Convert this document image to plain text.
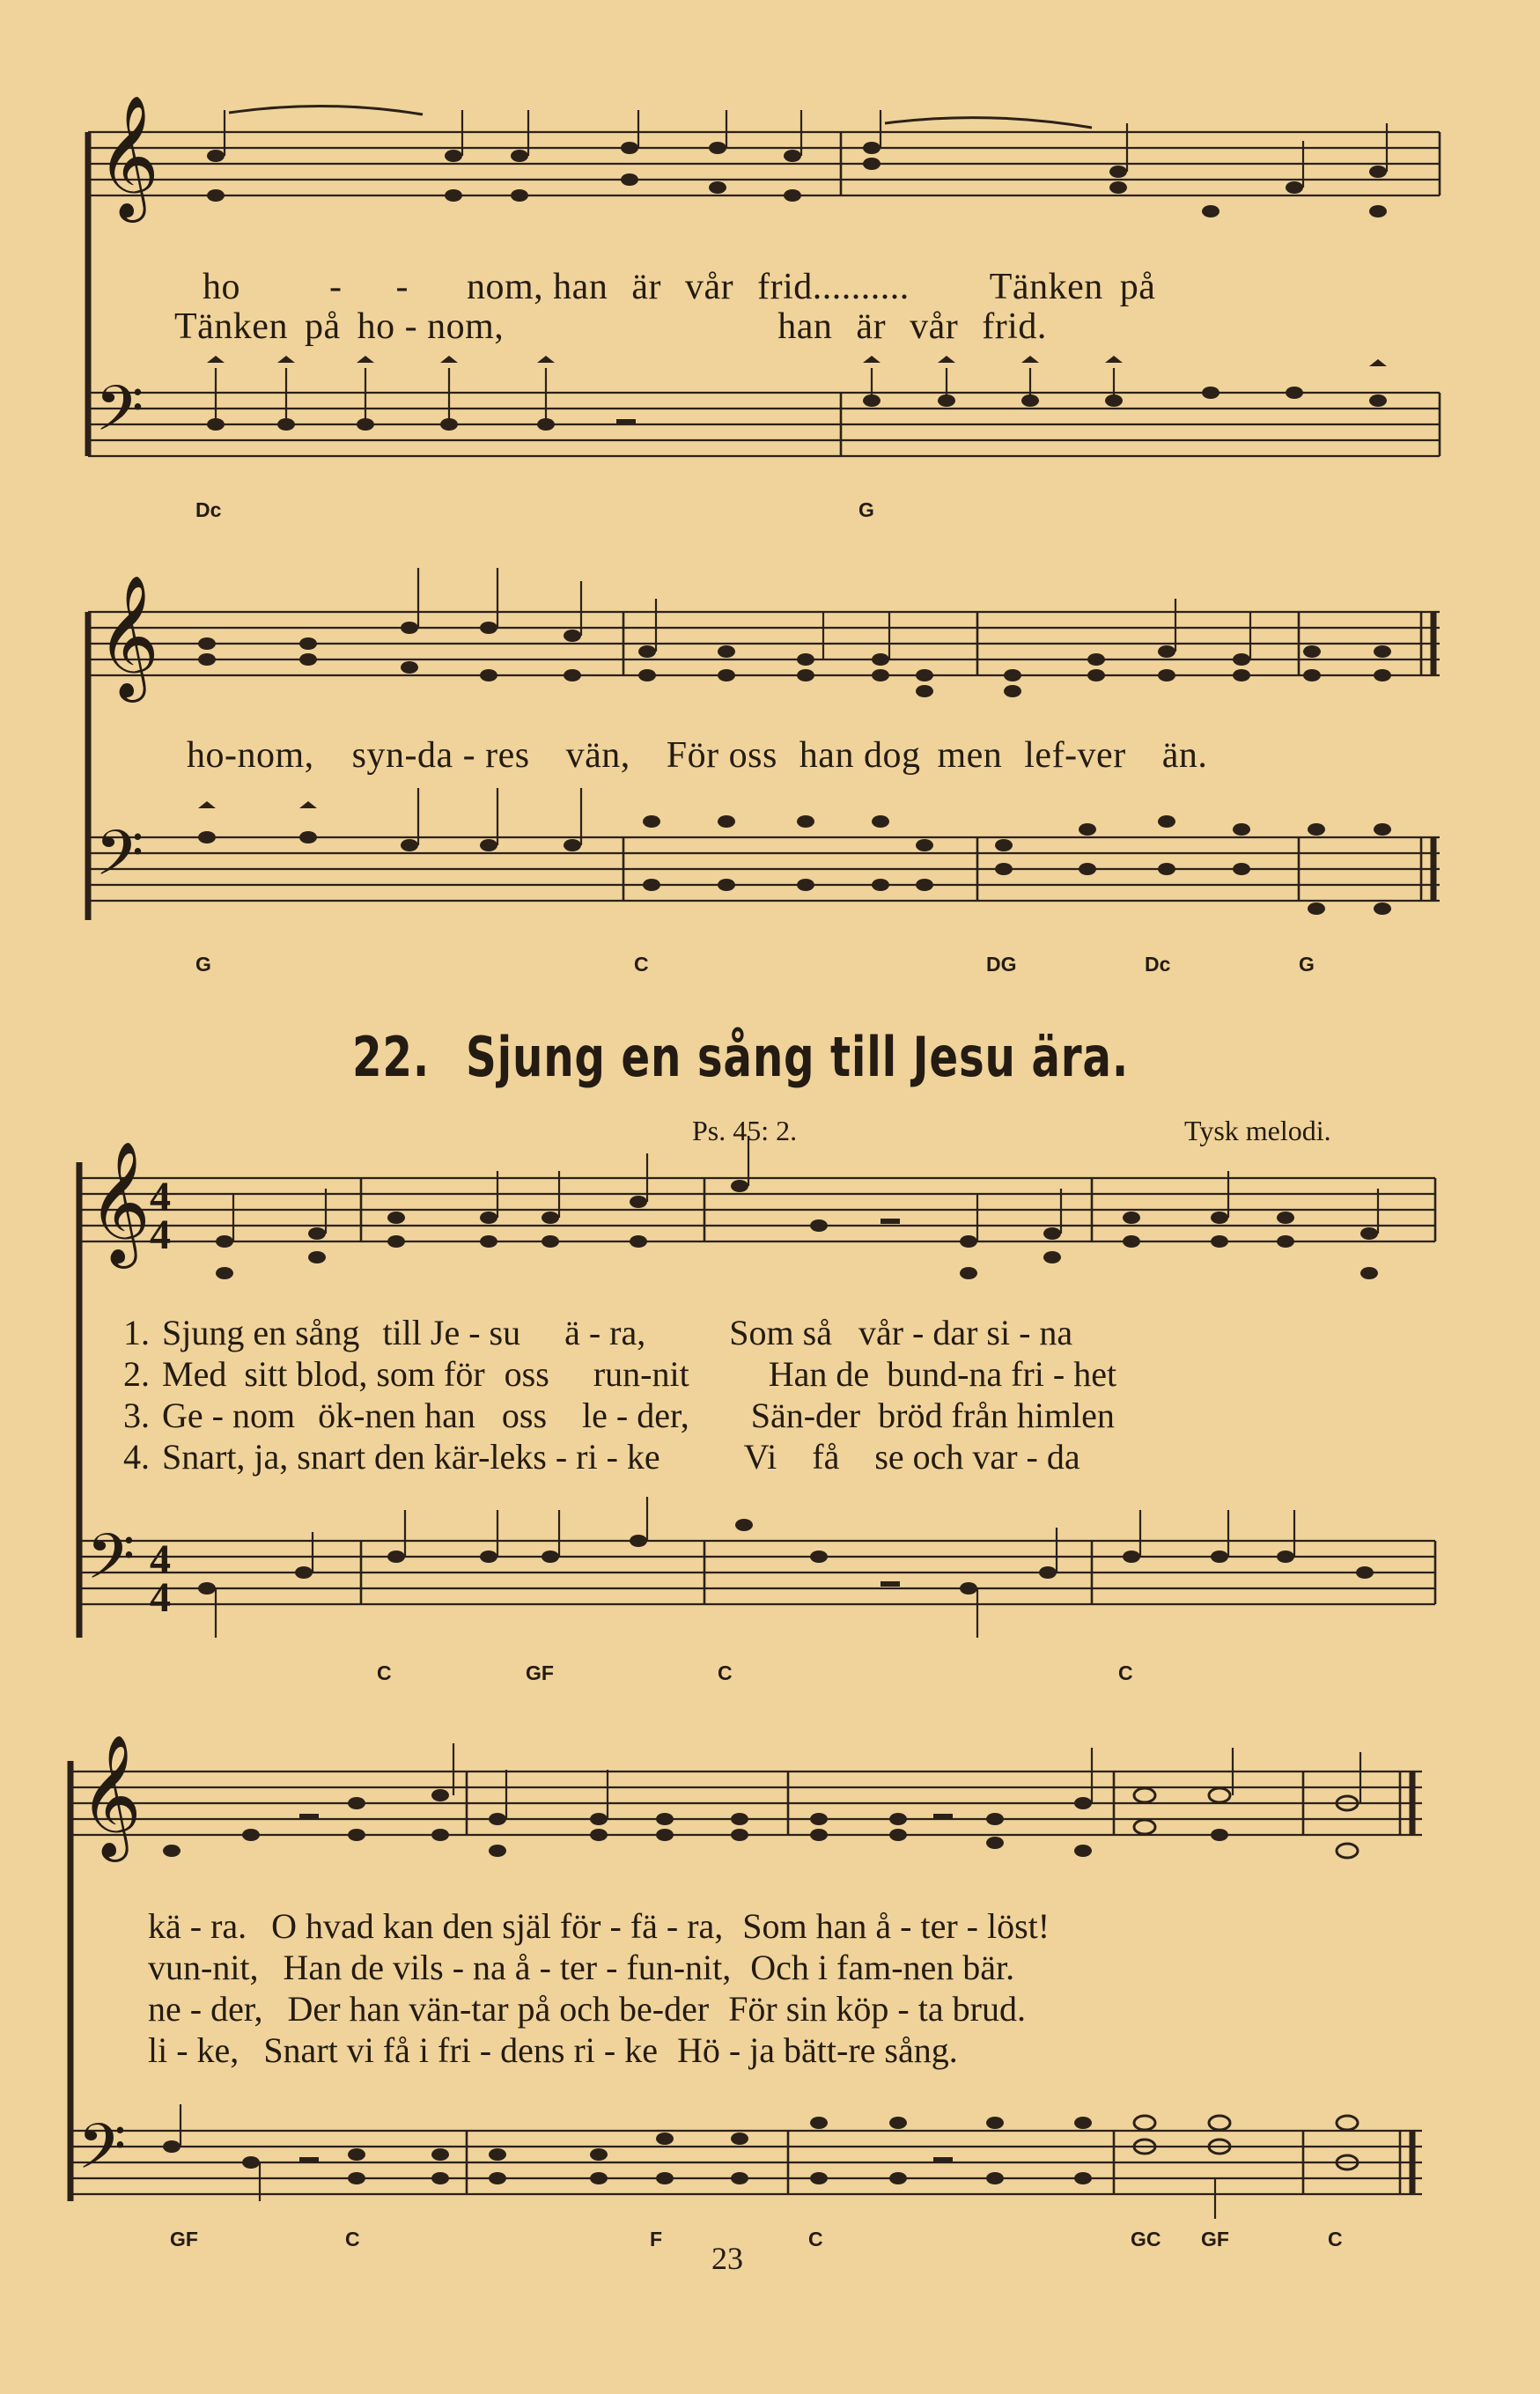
𝄞
𝄢
𝄞
𝄢
𝄞
𝄢
𝄞
𝄢
4
4
4
4
ho - - nom, han är vår frid.......... Tänken på
Tänken på ho - nom,	han är vår frid.
Dc	G
ho-nom, syn-da - res vän, För oss han dog men lef-ver än.
G	C	DG	Dc	G
22. Sjung en sång till Jesu ära.
Ps. 45: 2.	Tysk melodi.
1. Sjung en sång till Je - su ä - ra, Som så vår - dar si - na
2. Med sitt blod, som för oss run-nit Han de bund-na fri - het
3. Ge - nom ök-nen han oss le - der, Sän-der bröd från himlen
4. Snart, ja, snart den kär-leks - ri - ke Vi få se och var - da
C	GF	C	C
kä - ra. O hvad kan den själ för - fä - ra, Som han å - ter - löst!
vun-nit, Han de vils - na å - ter - fun-nit, Och i fam-nen bär.
ne - der, Der han vän-tar på och be-der För sin köp - ta brud.
li - ke, Snart vi få i fri - dens ri - ke Hö - ja bätt-re sång.
GF	C	F	C	GC GF	C
23
